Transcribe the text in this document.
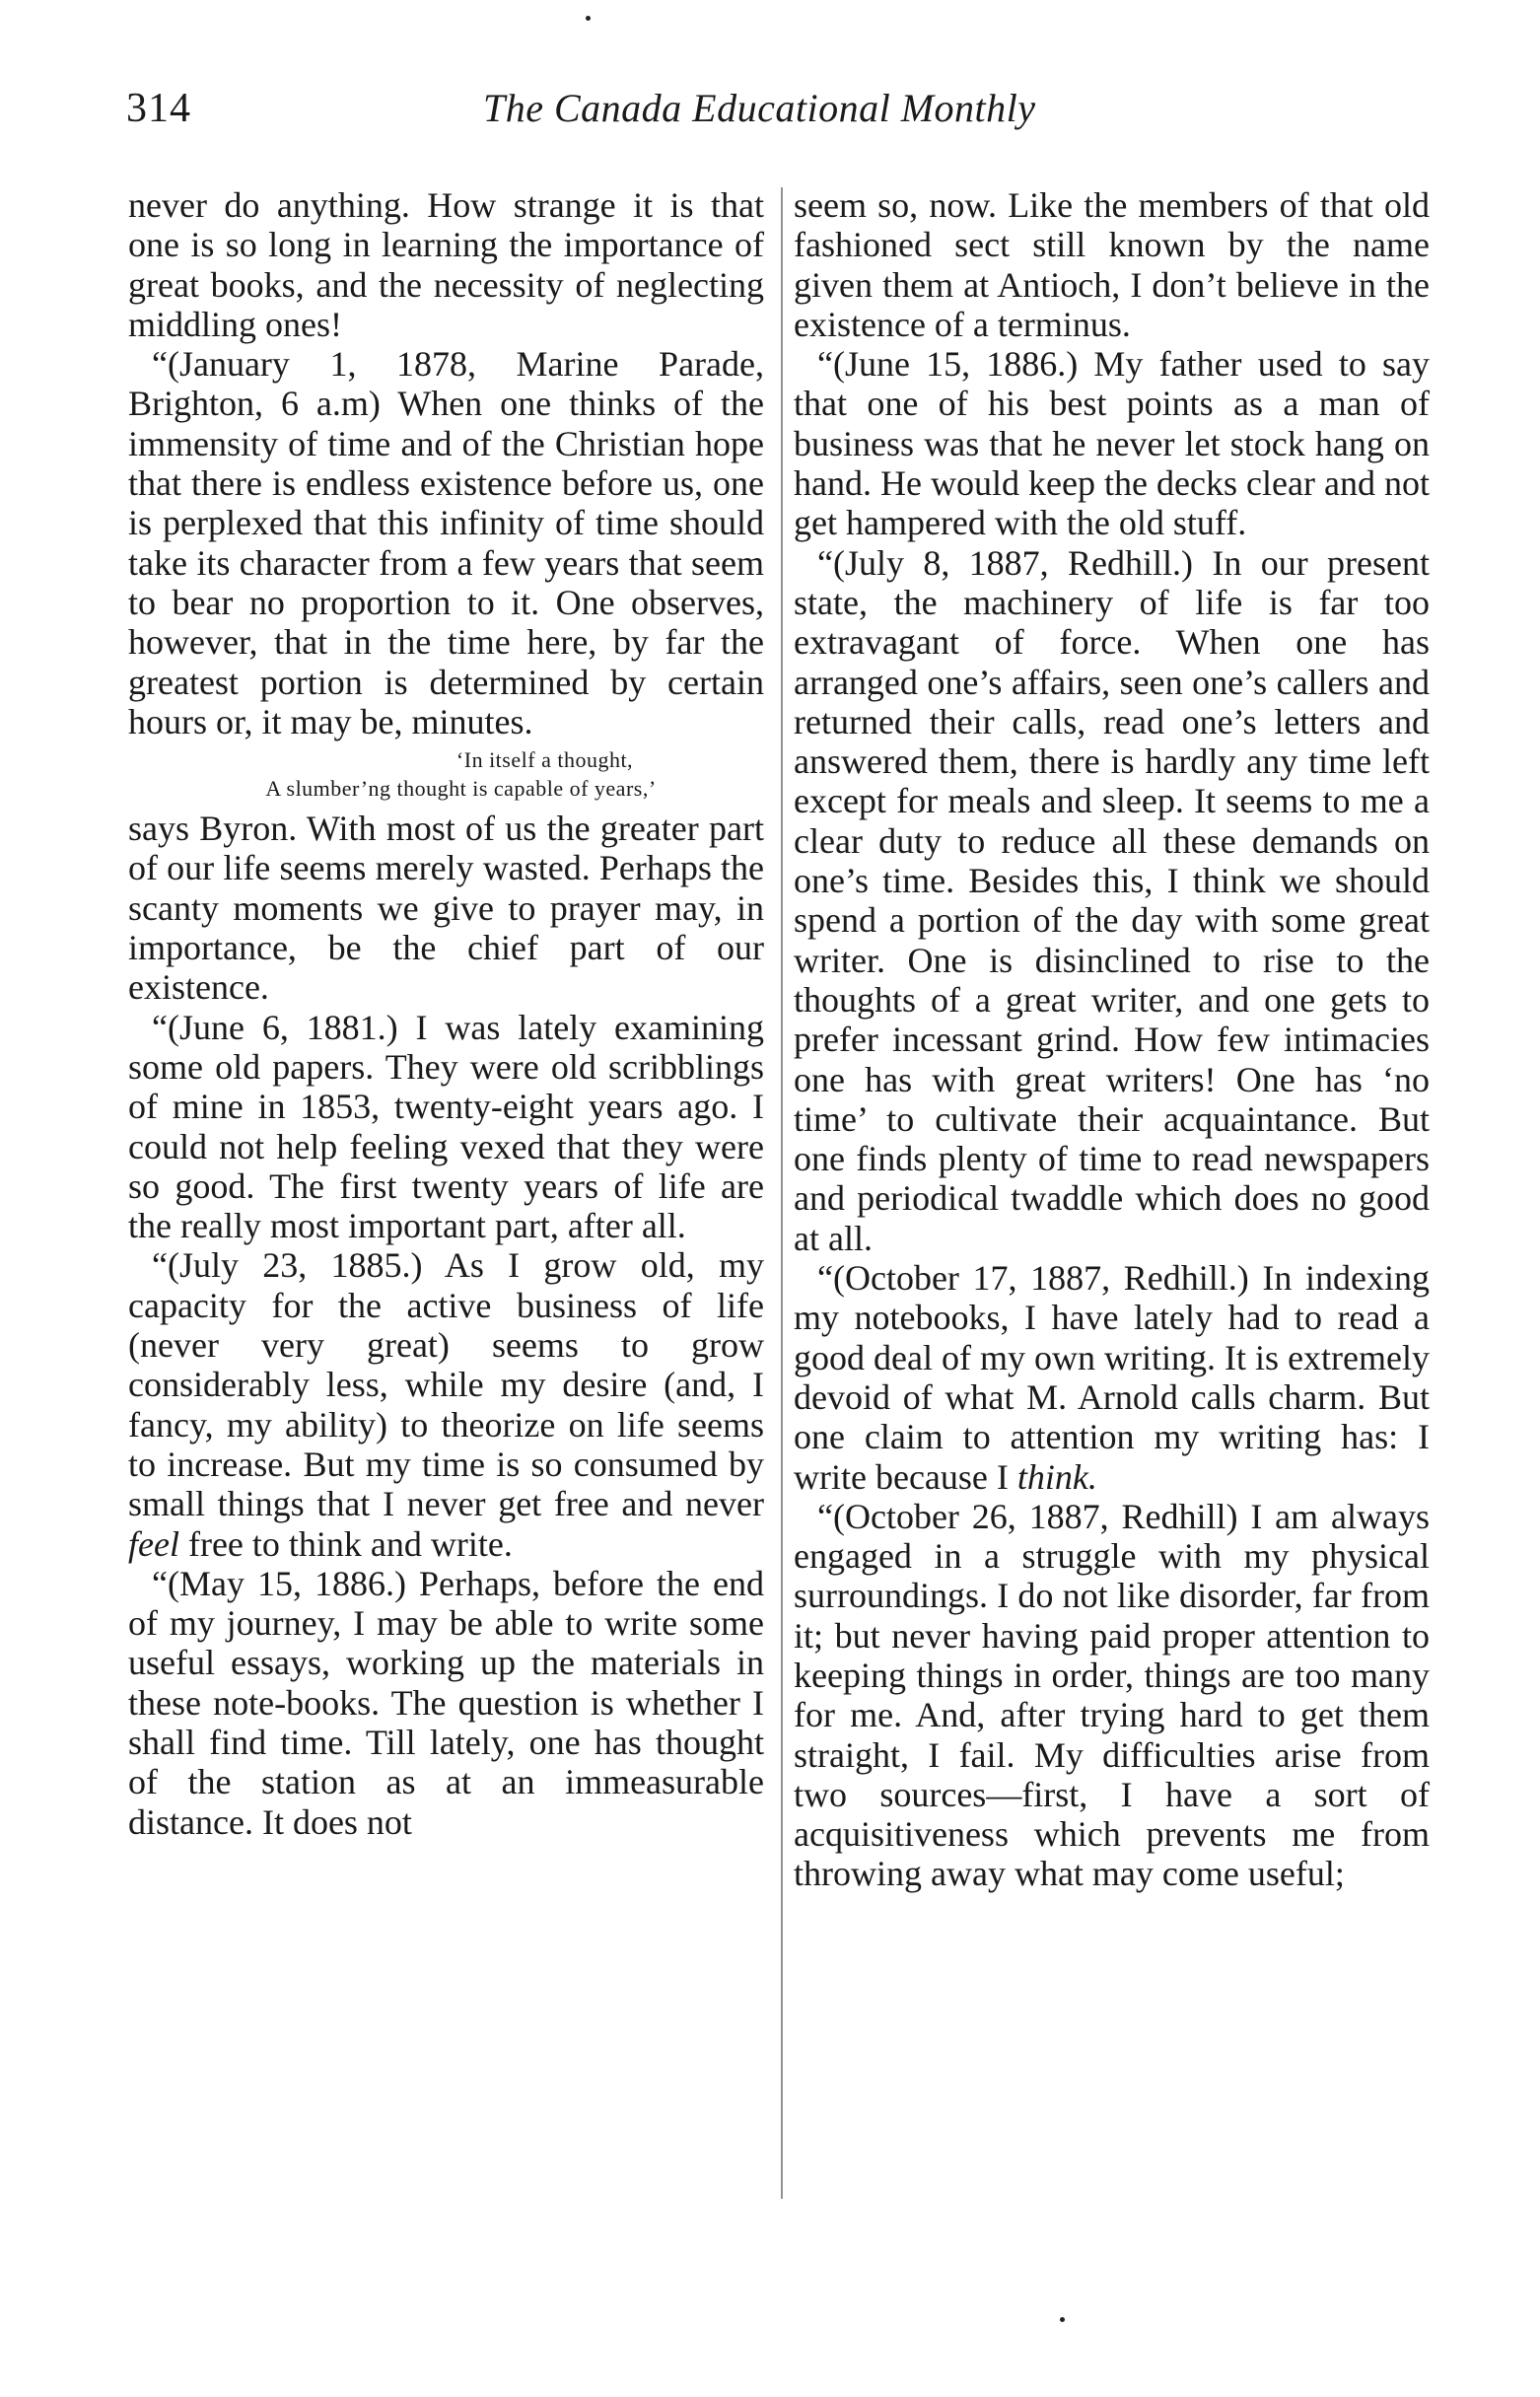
314	The Canada Educational Monthly

never do anything. How strange it is that one is so long in learning the importance of great books, and the necessity of neglecting middling ones!

“(January 1, 1878, Marine Parade, Brighton, 6 a.m) When one thinks of the immensity of time and of the Christian hope that there is endless existence before us, one is perplexed that this infinity of time should take its character from a few years that seem to bear no proportion to it. One observes, however, that in the time here, by far the greatest portion is determined by certain hours or, it may be, minutes.

‘In itself a thought,
A slumber’ng thought is capable of years,’

says Byron. With most of us the greater part of our life seems merely wasted. Perhaps the scanty moments we give to prayer may, in importance, be the chief part of our existence.

“(June 6, 1881.) I was lately examining some old papers. They were old scribblings of mine in 1853, twenty-eight years ago. I could not help feeling vexed that they were so good. The first twenty years of life are the really most important part, after all.

“(July 23, 1885.) As I grow old, my capacity for the active business of life (never very great) seems to grow considerably less, while my desire (and, I fancy, my ability) to theorize on life seems to increase. But my time is so consumed by small things that I never get free and never feel free to think and write.

“(May 15, 1886.) Perhaps, before the end of my journey, I may be able to write some useful essays, working up the materials in these note-books. The question is whether I shall find time. Till lately, one has thought of the station as at an immeasurable distance. It does not

seem so, now. Like the members of that old fashioned sect still known by the name given them at Antioch, I don’t believe in the existence of a terminus.

“(June 15, 1886.) My father used to say that one of his best points as a man of business was that he never let stock hang on hand. He would keep the decks clear and not get hampered with the old stuff.

“(July 8, 1887, Redhill.) In our present state, the machinery of life is far too extravagant of force. When one has arranged one’s affairs, seen one’s callers and returned their calls, read one’s letters and answered them, there is hardly any time left except for meals and sleep. It seems to me a clear duty to reduce all these demands on one’s time. Besides this, I think we should spend a portion of the day with some great writer. One is disinclined to rise to the thoughts of a great writer, and one gets to prefer incessant grind. How few intimacies one has with great writers! One has ‘no time’ to cultivate their acquaintance. But one finds plenty of time to read newspapers and periodical twaddle which does no good at all.

“(October 17, 1887, Redhill.) In indexing my notebooks, I have lately had to read a good deal of my own writing. It is extremely devoid of what M. Arnold calls charm. But one claim to attention my writing has: I write because I think.

“(October 26, 1887, Redhill) I am always engaged in a struggle with my physical surroundings. I do not like disorder, far from it; but never having paid proper attention to keeping things in order, things are too many for me. And, after trying hard to get them straight, I fail. My difficulties arise from two sources—first, I have a sort of acquisitiveness which prevents me from throwing away what may come useful;
